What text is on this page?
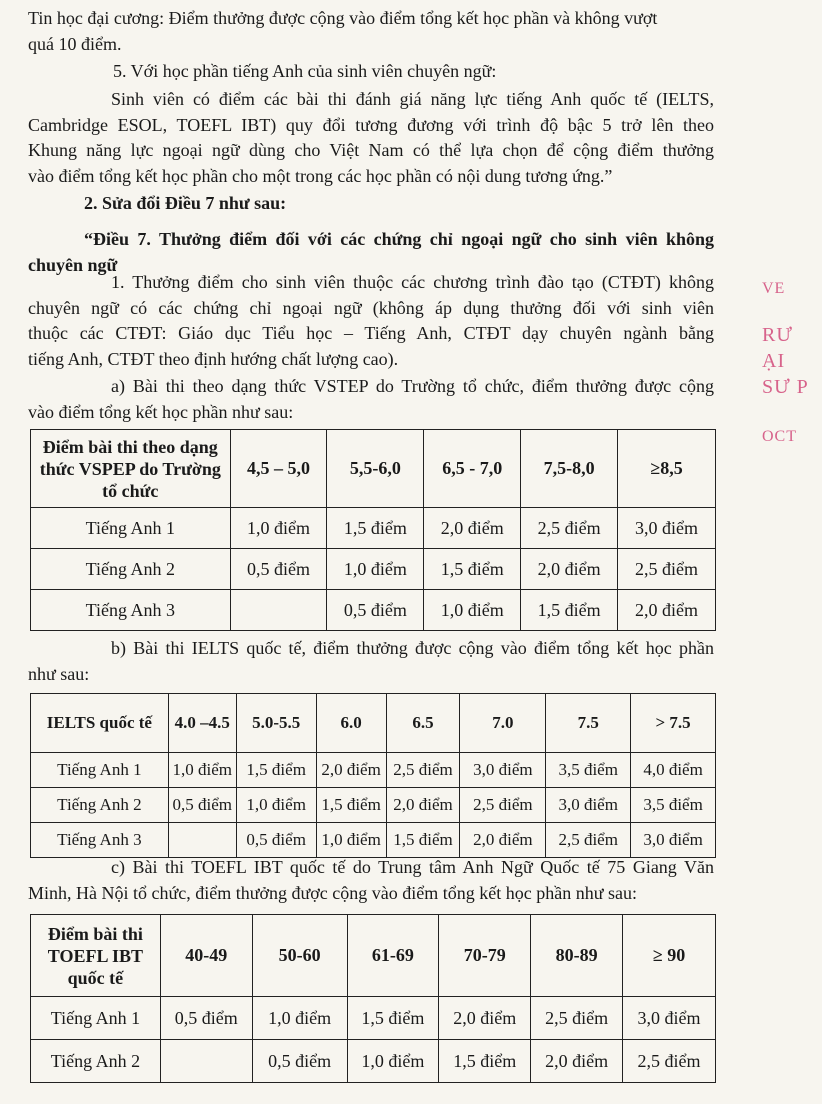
Tin học đại cương: Điểm thưởng được cộng vào điểm tổng kết học phần và không vượt
quá 10 điểm.

5. Với học phần tiếng Anh của sinh viên chuyên ngữ:

Sinh viên có điểm các bài thi đánh giá năng lực tiếng Anh quốc tế (IELTS,
Cambridge ESOL, TOEFL IBT) quy đổi tương đương với trình độ bậc 5 trở lên theo
Khung năng lực ngoại ngữ dùng cho Việt Nam có thể lựa chọn để cộng điểm thưởng
vào điểm tổng kết học phần cho một trong các học phần có nội dung tương ứng.”

2. Sửa đổi Điều 7 như sau:

“Điều 7. Thưởng điểm đối với các chứng chỉ ngoại ngữ cho sinh viên không
chuyên ngữ

1. Thưởng điểm cho sinh viên thuộc các chương trình đào tạo (CTĐT) không
chuyên ngữ có các chứng chỉ ngoại ngữ (không áp dụng thưởng đối với sinh viên
thuộc các CTĐT: Giáo dục Tiểu học – Tiếng Anh, CTĐT dạy chuyên ngành bằng
tiếng Anh, CTĐT theo định hướng chất lượng cao).

a) Bài thi theo dạng thức VSTEP do Trường tổ chức, điểm thưởng được cộng
vào điểm tổng kết học phần như sau:

Điểm bài thi theo dạng thức VSPEP do Trường tổ chức	4,5 – 5,0	5,5-6,0	6,5 - 7,0	7,5-8,0	≥8,5
Tiếng Anh 1	1,0 điểm	1,5 điểm	2,0 điểm	2,5 điểm	3,0 điểm
Tiếng Anh 2	0,5 điểm	1,0 điểm	1,5 điểm	2,0 điểm	2,5 điểm
Tiếng Anh 3		0,5 điểm	1,0 điểm	1,5 điểm	2,0 điểm

b) Bài thi IELTS quốc tế, điểm thưởng được cộng vào điểm tổng kết học phần
như sau:

IELTS quốc tế	4.0 –4.5	5.0-5.5	6.0	6.5	7.0	7.5	> 7.5
Tiếng Anh 1	1,0 điểm	1,5 điểm	2,0 điểm	2,5 điểm	3,0 điểm	3,5 điểm	4,0 điểm
Tiếng Anh 2	0,5 điểm	1,0 điểm	1,5 điểm	2,0 điểm	2,5 điểm	3,0 điểm	3,5 điểm
Tiếng Anh 3		0,5 điểm	1,0 điểm	1,5 điểm	2,0 điểm	2,5 điểm	3,0 điểm

c) Bài thi TOEFL IBT quốc tế do Trung tâm Anh Ngữ Quốc tế 75 Giang Văn
Minh, Hà Nội tổ chức, điểm thưởng được cộng vào điểm tổng kết học phần như sau:

Điểm bài thi TOEFL IBT quốc tế	40-49	50-60	61-69	70-79	80-89	≥ 90
Tiếng Anh 1	0,5 điểm	1,0 điểm	1,5 điểm	2,0 điểm	2,5 điểm	3,0 điểm
Tiếng Anh 2		0,5 điểm	1,0 điểm	1,5 điểm	2,0 điểm	2,5 điểm
VE
RƯ
ẠI
SƯ P
OCT
